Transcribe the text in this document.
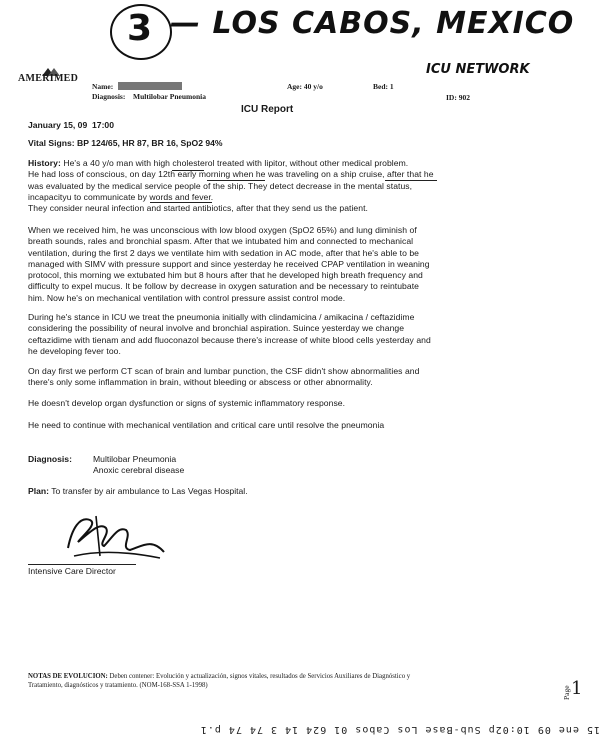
3 — LOS CABOS, MEXICO
AMERIMED
Name:
Diagnosis: Multilobar Pneumonia
Age: 40 y/o	Bed: 1
ICU NETWORK
ID: 902
ICU Report
January 15, 09  17:00
Vital Signs: BP 124/65, HR 87, BR 16, SpO2 94%
History: He's a 40 y/o man with high cholesterol treated with lipitor, without other medical problem.
He had loss of conscious, on day 12th early morning when he was traveling on a ship cruise, after that he
was evaluated by the medical service people of the ship. They detect decrease in the mental status,
incapacityu to communicate by words and fever.
They consider neural infection and started antibiotics, after that they send us the patient.
When we received him, he was unconscious with low blood oxygen (SpO2 65%) and lung diminish of
breath sounds, rales and bronchial spasm. After that we intubated him and connected to mechanical
ventilation, during the first 2 days we ventilate him with sedation in AC mode, after that he's able to be
managed with SIMV with pressure support and since yesterday he received CPAP ventilation in weaning
protocol, this morning we extubated him but 8 hours after that he developed high breath frequency and
difficulty to expel mucus. It be follow by decrease in oxygen saturation and be necessary to reintubate
him. Now he's on mechanical ventilation with control pressure assist control mode.
During he's stance in ICU we treat the pneumonia initially with clindamicina / amikacina / ceftazidime
considering the possibility of neural involve and bronchial aspiration. Suince yesterday we change
ceftazidime with tienam and add fluoconazol because there's increase of white blood cells yesterday and
he developing fever too.
On day first we perform CT scan of brain and lumbar punction, the CSF didn't show abnormalities and
there's only some inflammation in brain, without bleeding or abscess or other abnormality.
He doesn't develop organ dysfunction or signs of systemic inflammatory response.
He need to continue with mechanical ventilation and critical care until resolve the pneumonia
Diagnosis: Multilobar Pneumonia
Anoxic cerebral disease
Plan: To transfer by air ambulance to Las Vegas Hospital.
Intensive Care Director
NOTAS DE EVOLUCION: Deben contener: Evolución y actualización, signos vitales, resultados de Servicios Auxiliares de Diagnóstico y
Tratamiento, diagnósticos y tratamiento. (NOM-168-SSA 1-1998)	Page 1
15 ene 09 10:02p Sub-Base Los Cabos 01 624 14 3 74 74 p.1
